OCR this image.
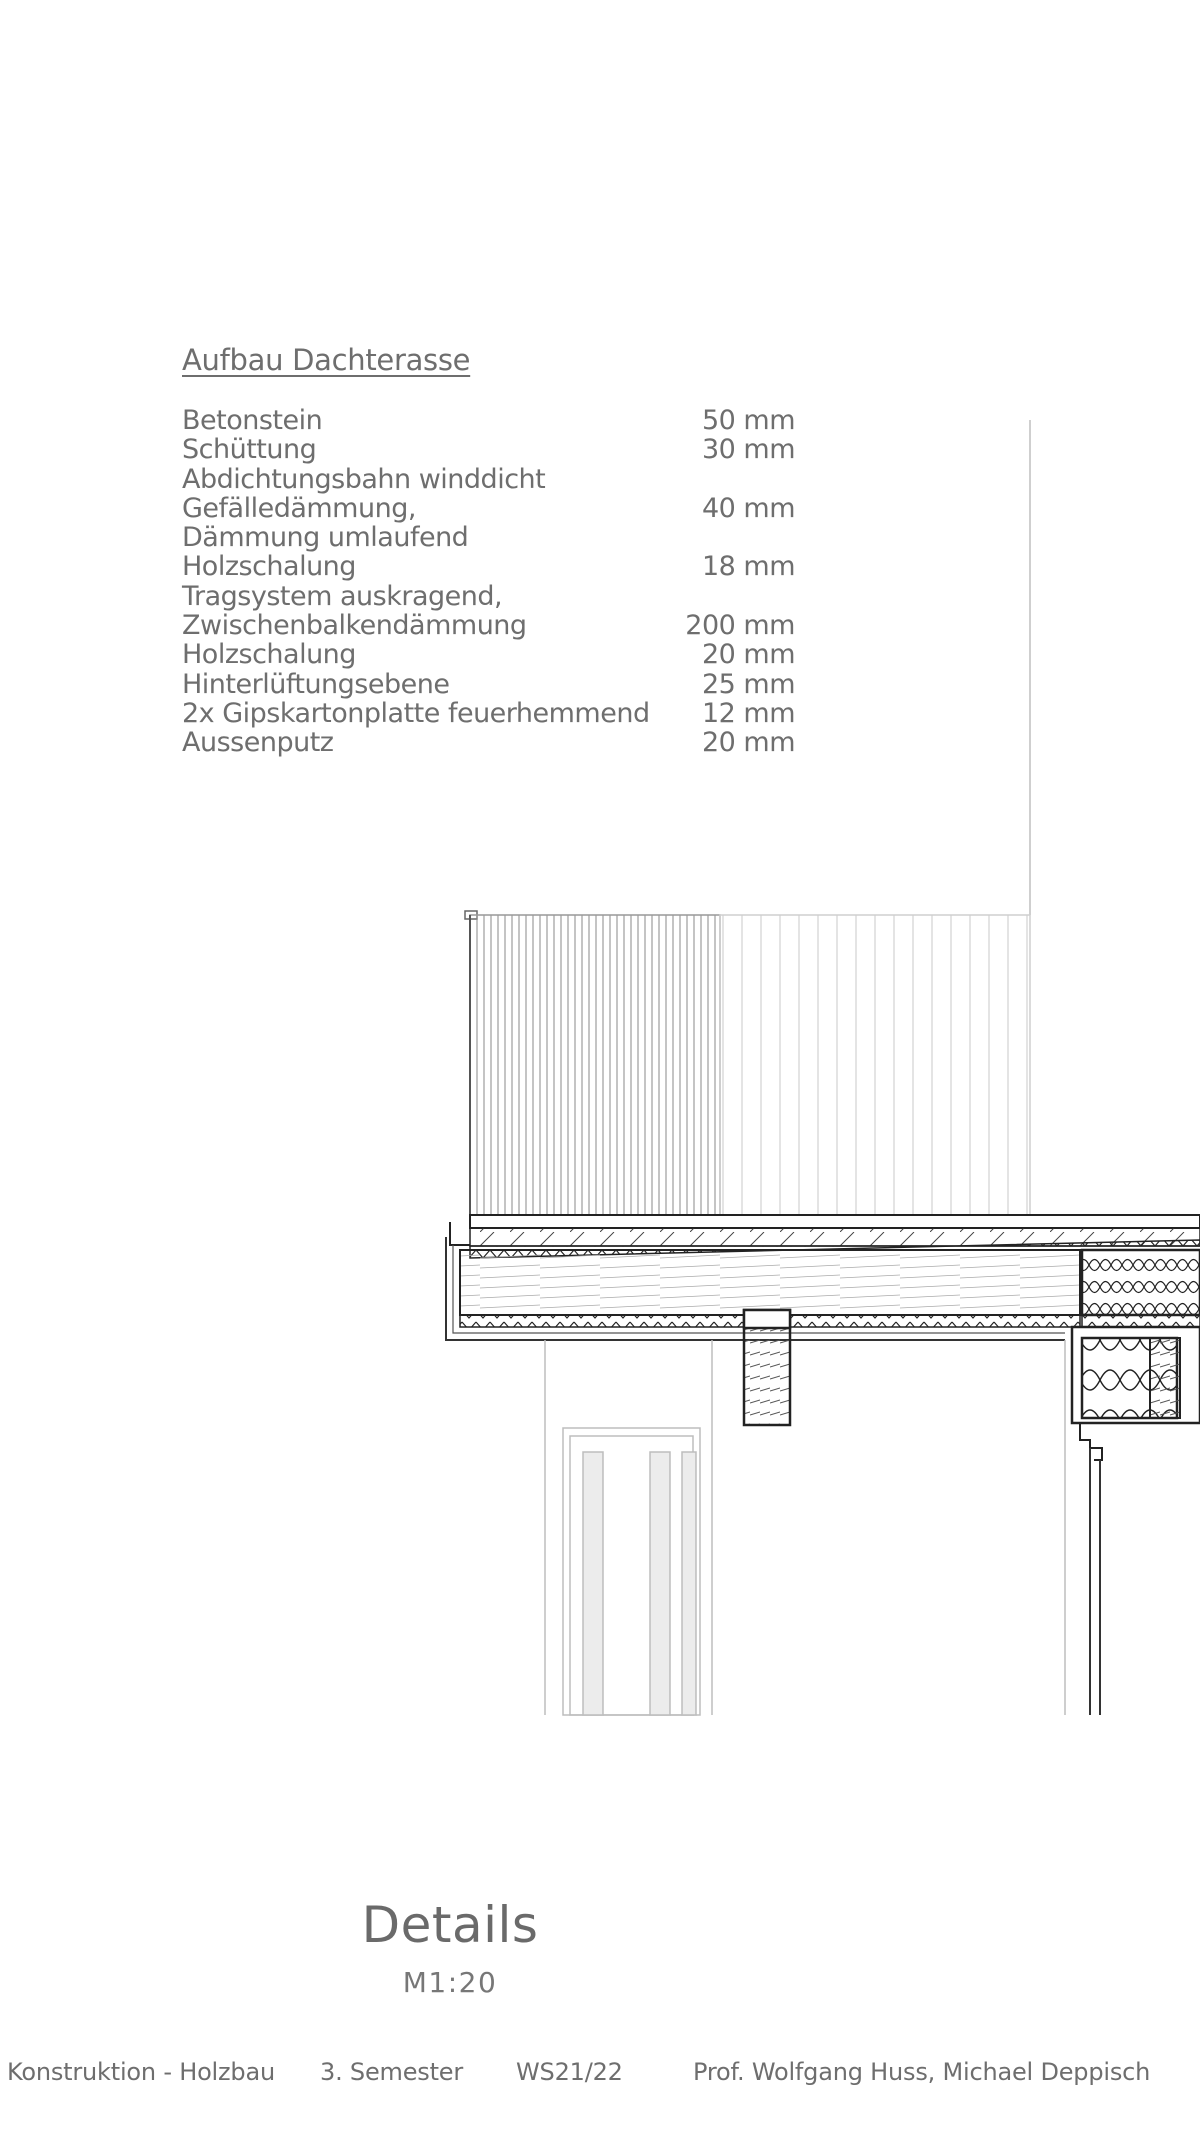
Aufbau Dachterasse
Betonstein	50 mm
Schüttung	30 mm
Abdichtungsbahn winddicht
Gefälledämmung,	40 mm
Dämmung umlaufend
Holzschalung	18 mm
Tragsystem auskragend,
Zwischenbalkendämmung	200 mm
Holzschalung	20 mm
Hinterlüftungsebene	25 mm
2x Gipskartonplatte feuerhemmend 12 mm
Aussenputz	20 mm
Details
M1:20
Konstruktion - Holzbau 3. Semester WS21/22	Prof. Wolfgang Huss, Michael Deppisch
